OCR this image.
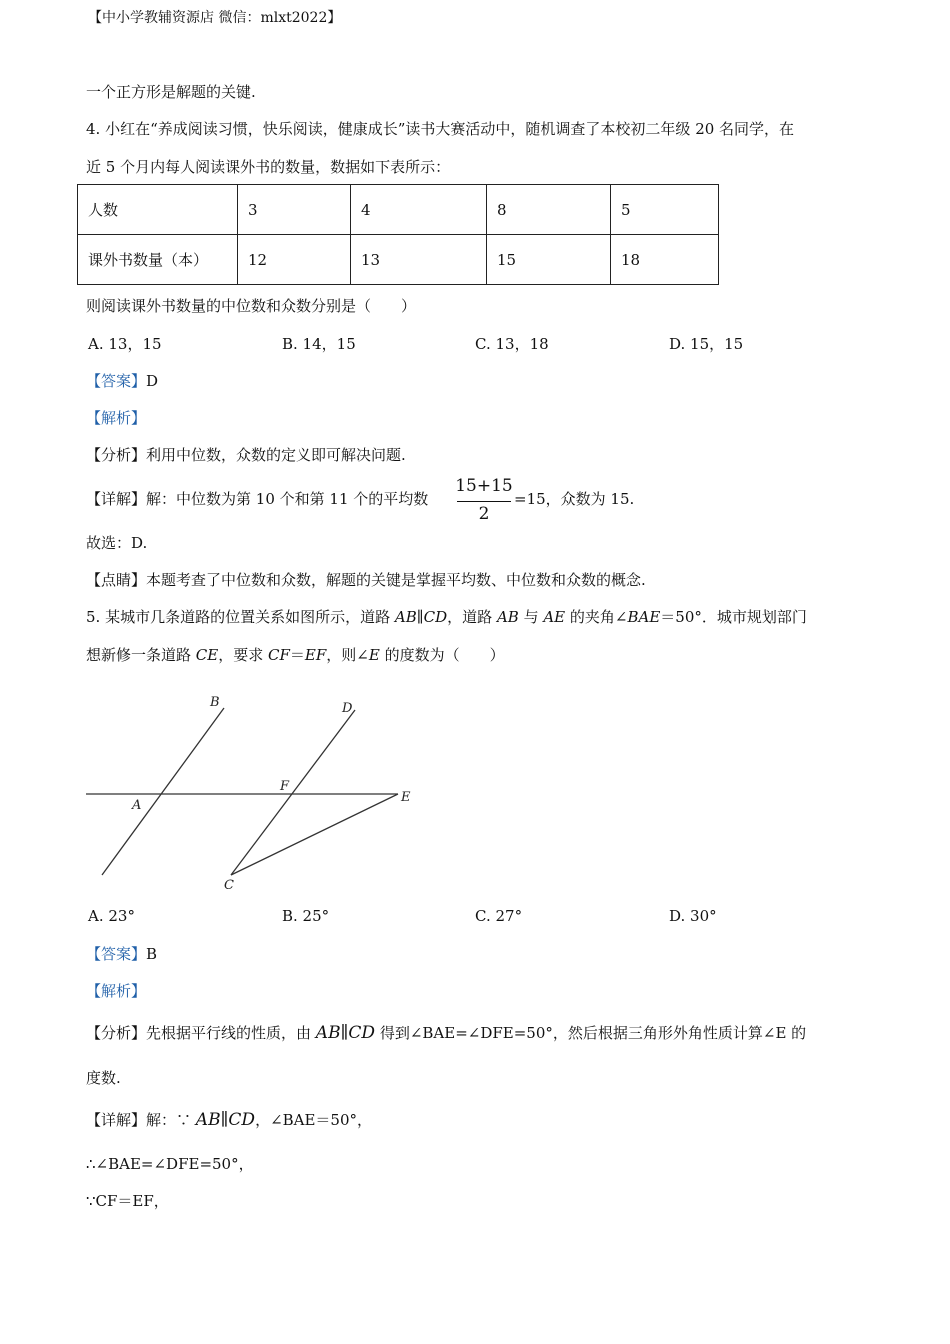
【中小学教辅资源店 微信：mlxt2022】
一个正方形是解题的关键.
4. 小红在“养成阅读习惯，快乐阅读，健康成长”读书大赛活动中，随机调查了本校初二年级 20 名同学，在
近 5 个月内每人阅读课外书的数量，数据如下表所示：
人数	3	4	8	5
课外书数量（本）	12	13	15	18
则阅读课外书数量的中位数和众数分别是（　　）
A. 13，15	B. 14，15	C. 13，18	D. 15，15
【答案】D
【解析】
【分析】利用中位数，众数的定义即可解决问题.
【详解】解：中位数为第 10 个和第 11 个的平均数
15+15
2
=15，众数为 15.
故选：D.
【点睛】本题考查了中位数和众数，解题的关键是掌握平均数、中位数和众数的概念.
5. 某城市几条道路的位置关系如图所示，道路 AB∥CD，道路 AB 与 AE 的夹角∠BAE＝50°．城市规划部门
想新修一条道路 CE，要求 CF＝EF，则∠E 的度数为（　　）
B	D
F
A
E
C
A. 23°	B. 25°	C. 27°	D. 30°
【答案】B
【解析】
【分析】先根据平行线的性质，由 AB∥CD 得到∠BAE=∠DFE=50°，然后根据三角形外角性质计算∠E 的
度数.
【详解】解：∵ AB∥CD，∠BAE＝50°，
∴∠BAE=∠DFE=50°，
∵CF＝EF，
